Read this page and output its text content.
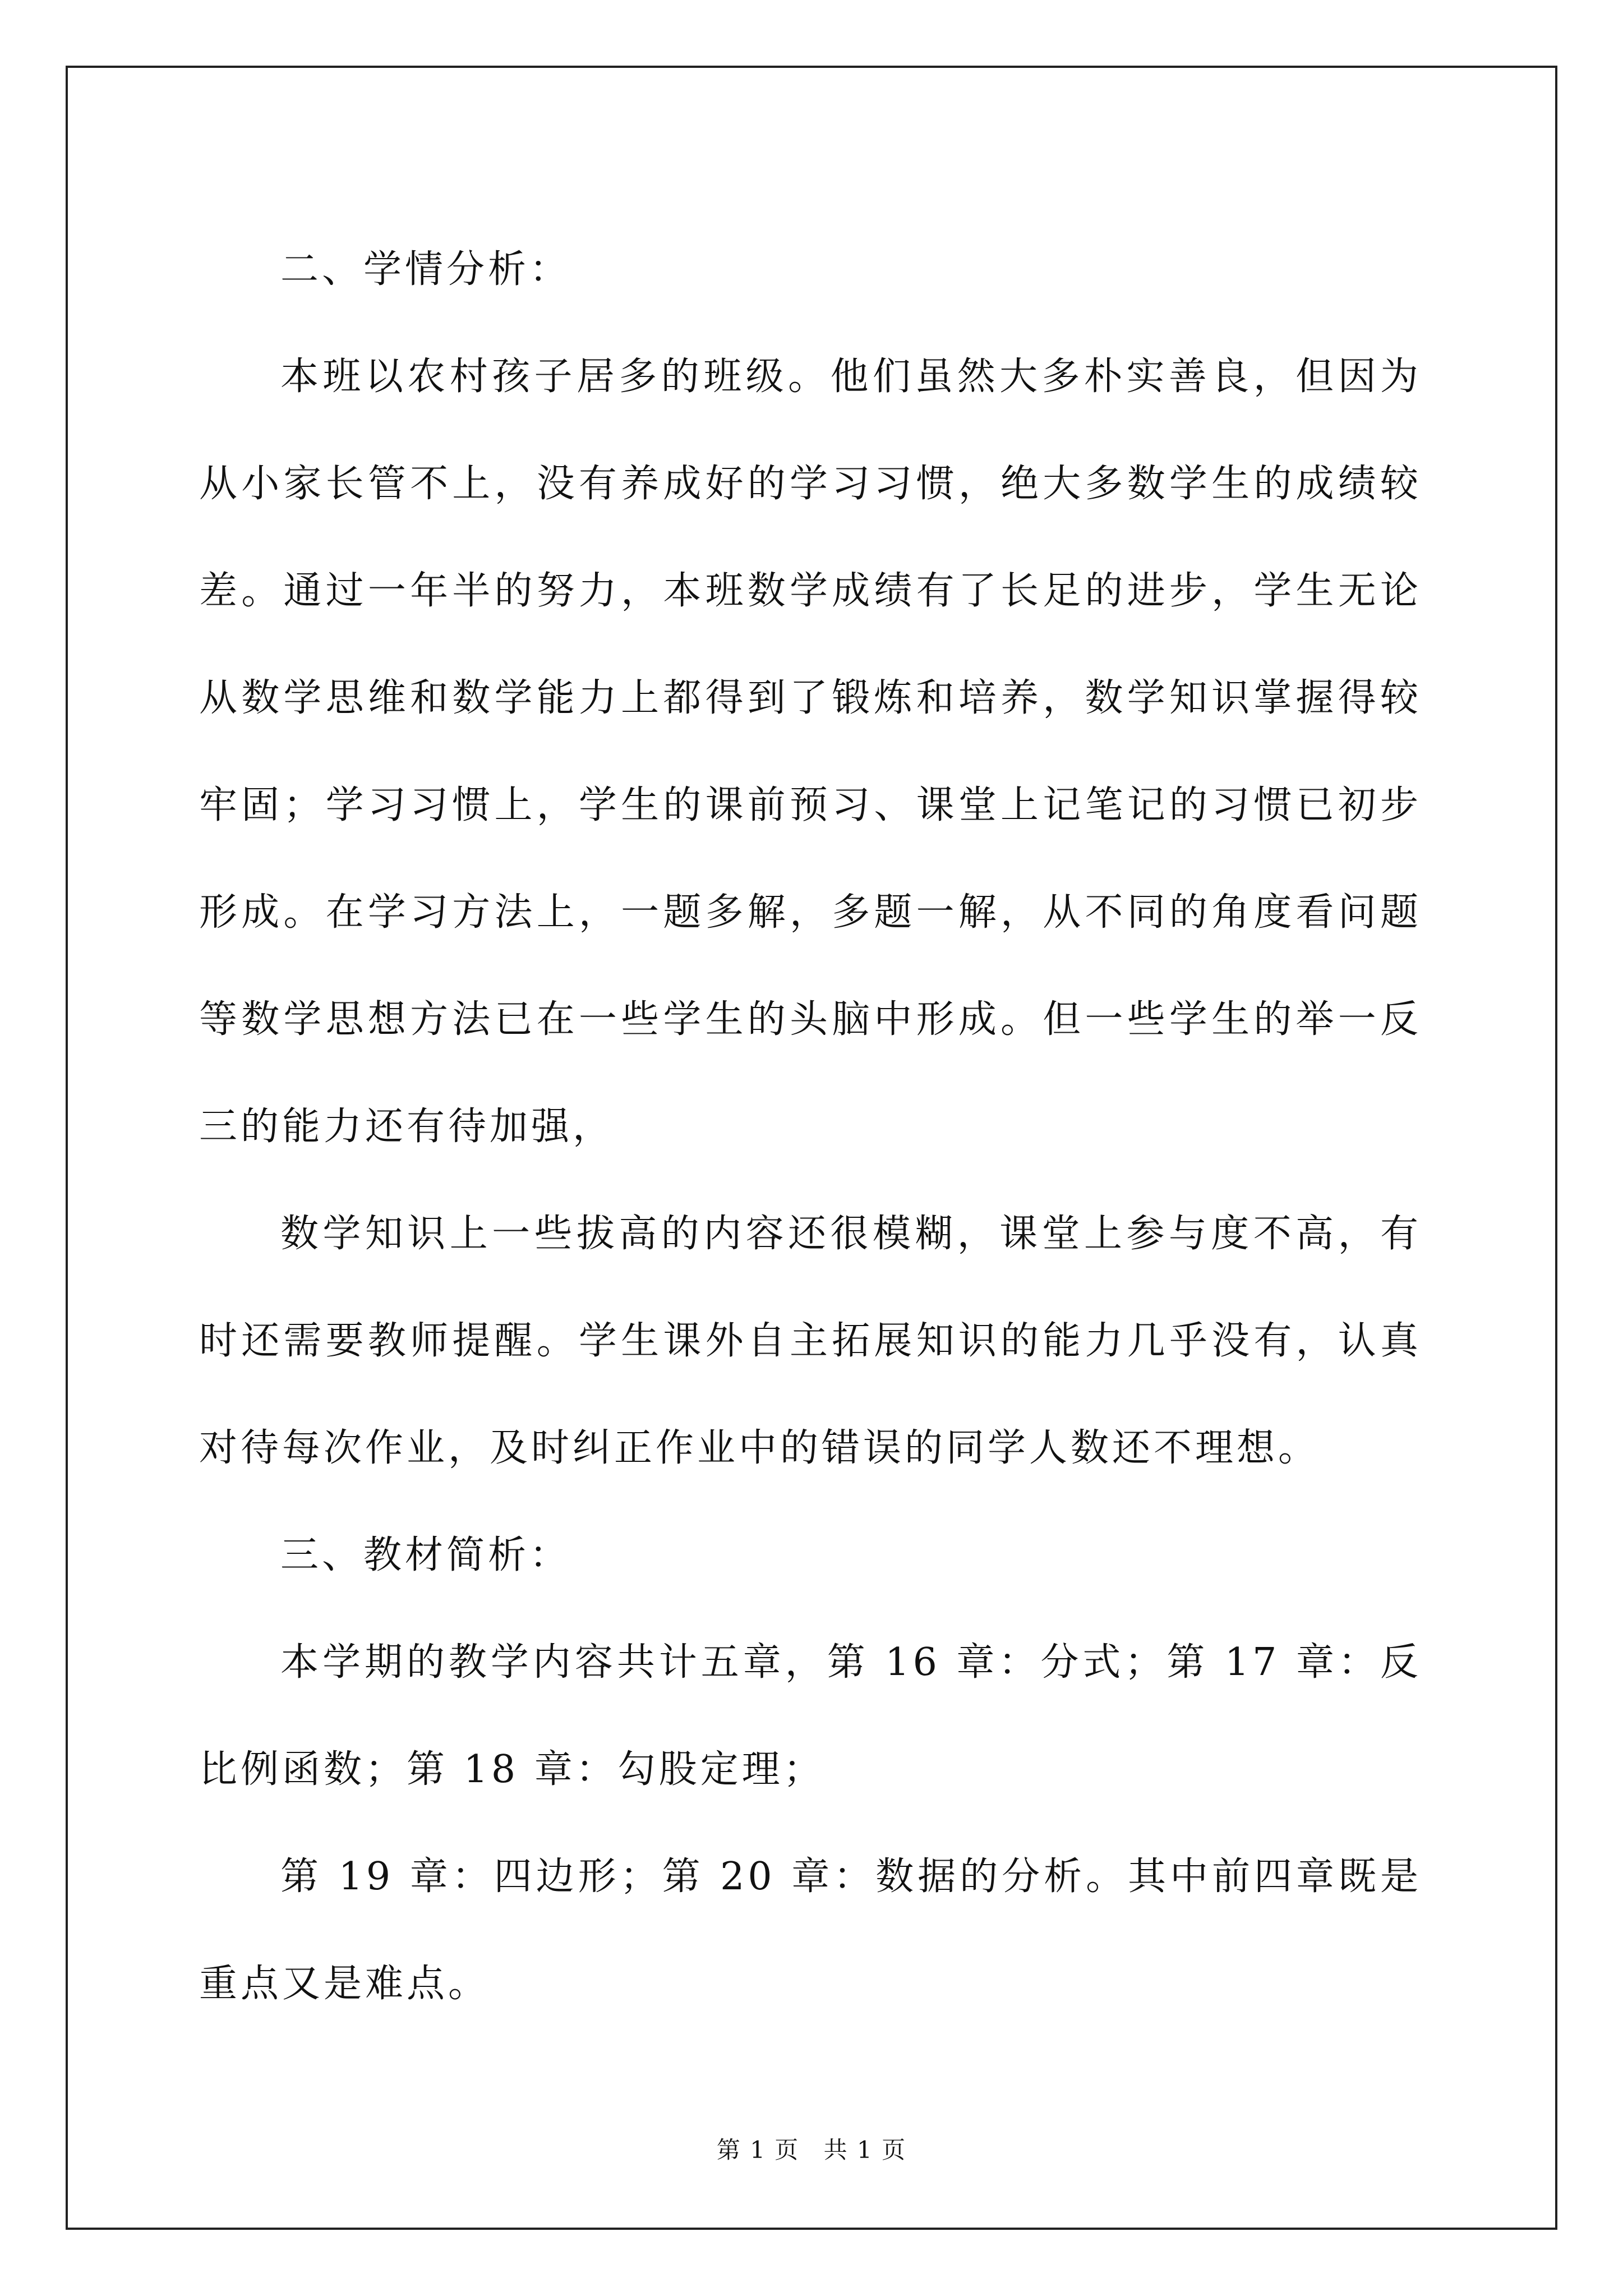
二、学情分析：

本班以农村孩子居多的班级。他们虽然大多朴实善良，但因为从小家长管不上，没有养成好的学习习惯，绝大多数学生的成绩较差。通过一年半的努力，本班数学成绩有了长足的进步，学生无论从数学思维和数学能力上都得到了锻炼和培养，数学知识掌握得较牢固；学习习惯上，学生的课前预习、课堂上记笔记的习惯已初步形成。在学习方法上，一题多解，多题一解，从不同的角度看问题等数学思想方法已在一些学生的头脑中形成。但一些学生的举一反三的能力还有待加强，

数学知识上一些拔高的内容还很模糊，课堂上参与度不高，有时还需要教师提醒。学生课外自主拓展知识的能力几乎没有，认真对待每次作业，及时纠正作业中的错误的同学人数还不理想。

三、教材简析：

本学期的教学内容共计五章，第 16 章：分式；第 17 章：反比例函数；第 18 章：勾股定理；

第 19 章：四边形；第 20 章：数据的分析。其中前四章既是重点又是难点。

第 1 页 共 1 页
